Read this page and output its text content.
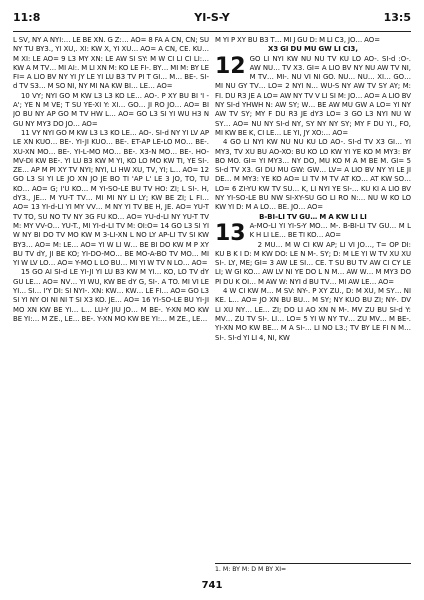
11:8	YI-S-Y	13:5

L SV, NY A NYI:… LE BE XN. G Z:… AO= 8 FA A CN, CN; SU NY TU BY3., YI XU,. XI: KW X, YI XU… AO= A CN, CE. KU… M XI: LE AO= 9 L3 MY XN: LE AW SI SY: M W CI LI CI LI:… KW A M TV… MI AI:. M LI XN M: KO LE FI-. BY… MI M: BY LE FI= A LIO BV NY YI JY LE YI LU B3 TV PI T GI… M… BE-. SI-d TV S3… M SO NI, NY MI NA KW BI… LE… AO=

10 VY; NYI GO M KW L3 L3 KO LE… AO-. P XY BU BI 'I -A'; YE N M VE; T SU YE-XI Y: XI… GO… JI RO JO… AO= BI JO BU NY AP GO M TV HW L… AO= GO L3 SI YI WU H3 N GU NY MY3 DO JO… AO=

11 VY NYI GO M KW L3 L3 KO LE… AO-. SI-d NY YI LV AP LE XN KUO… BE-. YI-JI KUO… BE-. ET-AP LE-LO MO… BE-. XU-XN MO… BE-. YI-L-MO MO… BE-. X3-N MO… BE-. HO-MV-DI KW BE-. YI LU B3 KW M YI, KO LO MO KW TI, YE SI-. ZE… AP M PI XY TV NYI; NYI, LI HW XU, TV, YI; L… AO= 12 GO L3 SI YI LE JO XN JO JE BO TI 'AP L' LE 3 JO, TO, TU KO… AO= G; I'U KO… M YI-SO-LE BU TV HO: ZI; L SI-. H, dY3., JE… M YU-T TV… MI MI NY LI LY; KW BE ZI; L FI… AO= 13 YI-d-LI YI MY VV… M NY YI TV BE H, JE. AO= YU-T TV TO, SU NO TV NY 3G FU KO… AO= YU-d-LI NY YU-T TV M: MY VV-O… YU-T., MI YI-d-LI TV M: OI:O= 14 GO L3 SI YI W NY BI DO TV MO KW M 3-LI-XN L NO LY AP-LI TV SI KW BY3… AO= M: LE… AO= YI W LI W… BE BI DO KW M P XY BU TV dY, JI BE KO; YI-DO-MO… BE MO-A-BO TV MO… MI YI W LV LO… AO= Y-MO L LO BU… MI YI W TV N LO… AO=

15 GO AI SI-d LE YI-JI YI LU B3 KW M YI… KO, LO TV dY GU LE… AO= NV… YI WU, KW BE dY G, SI-. A TO. MI VI LE YI… SI… I'Y DI: SI NYI-. XN: KW… KW… LE FI… AO= GO L3 SI YI NY OI NI NI T SI X3 KO. JE… AO= 16 YI-SO-LE BU YI-JI MO XN KW BE YI… L… LU-Y JIU JO… M BE-. Y-XN MO KW BE YI:… M ZE., LE… BE-. Y-XN MO KW BE YI:… M ZE., LE…

M YI P XY BU B3 T… MI J GU D: M LI C3, JO… AO=

X3 GI DU MU GW LI CI3,

12 GO LI NYI KW NU NU TV KU LO AO-. SI-d :O-. AW NU… TV X3. GI= A LIO BV NY NU AW TV NI, M TV… MI-. NU VI NI GO. NU… NU… XI… GO… MI NU GY TV… LO= 2 NYI N… WU-S NY AW TV SY AY; M: FI. DU R3 JE A LO= AW NY TV V LI SI M: JO… AO= A LIO BV NY SI-d YHWH N: AW SY; W… BE AW MU GW A LO= YI NY AW TV SY; MY F DU R3 JE dY3 LO= 3 GO L3 NYI NU W SY… AO= NU NY SI-d NY, SY NY NY SY; MY F DU YI., FO, MI KW BE K, CI LE… LE YI, JY XO:… AO=

4 GO LI NYI KW NU NU KU LO AO-. SI-d TV X3 GI… YI MY3, TV XU BU AO-XO: BU KO LO KW YI YE KO M MY3: BY BO MO. GI= YI MY3… NY DO, MU KO M A M BE M. GI= 5 SI-d TV X3. GI DU MU GW: GW… LV= A LIO BV NY YI LE JI DE… M MY3: YE KO AO= LI TV M TV AT KO… AT KW SO… LO= 6 ZI-YU KW TV SU… K, LI NYI YE SI-… KU KI A LIO BV NY YI-SO-LE BU NW SI-XY-SU GO LI RO N:… NU W KO LO KW YI D: M A LO… BE. JO… AO=

B-BI-LI TV GU… M A KW LI LI

13 A-MO-LI YI YI-S-Y MO… M-. B-BI-LI TV GU… M L K H LI LE… BE TI KO… AO=

2 MU… M W CI KW AP; LI VI JO…, T= OP DI: KU B K I D: M KW DO: LE N M-. SY; D: M LE YI W TV XU XU SI-. LY, ME; GI= 3 AW LE SI… CE. T SU BU TV AW CI CY LE LI; W GI KO… AW LV NI YE DO L N M… AW W… M MY3 DO PI DU K OI… M AW W: NYI d BU TV… MI AW LE… AO=

4 W CI KW M… M SV: NY-. P XY ZU., D: M XU, M SY… NI KE. L… AO= JO XN BU BU… M SY; NY KUO BU ZI; NY-. DV LI XU NY… LE… ZI; DO LI AO XN N M-. MV ZU BU SI-d Y: MV… ZU TV SI-. LI… LO= 5 YI W NY TV… ZU MV… M BE-. YI-XN MO KW BE… M A SI-… LI NO L3.; TV BY LE FI N M… SI-. SI-d YI LI 4, NI, KW

1. M: BY M: D M BY XI=
741
